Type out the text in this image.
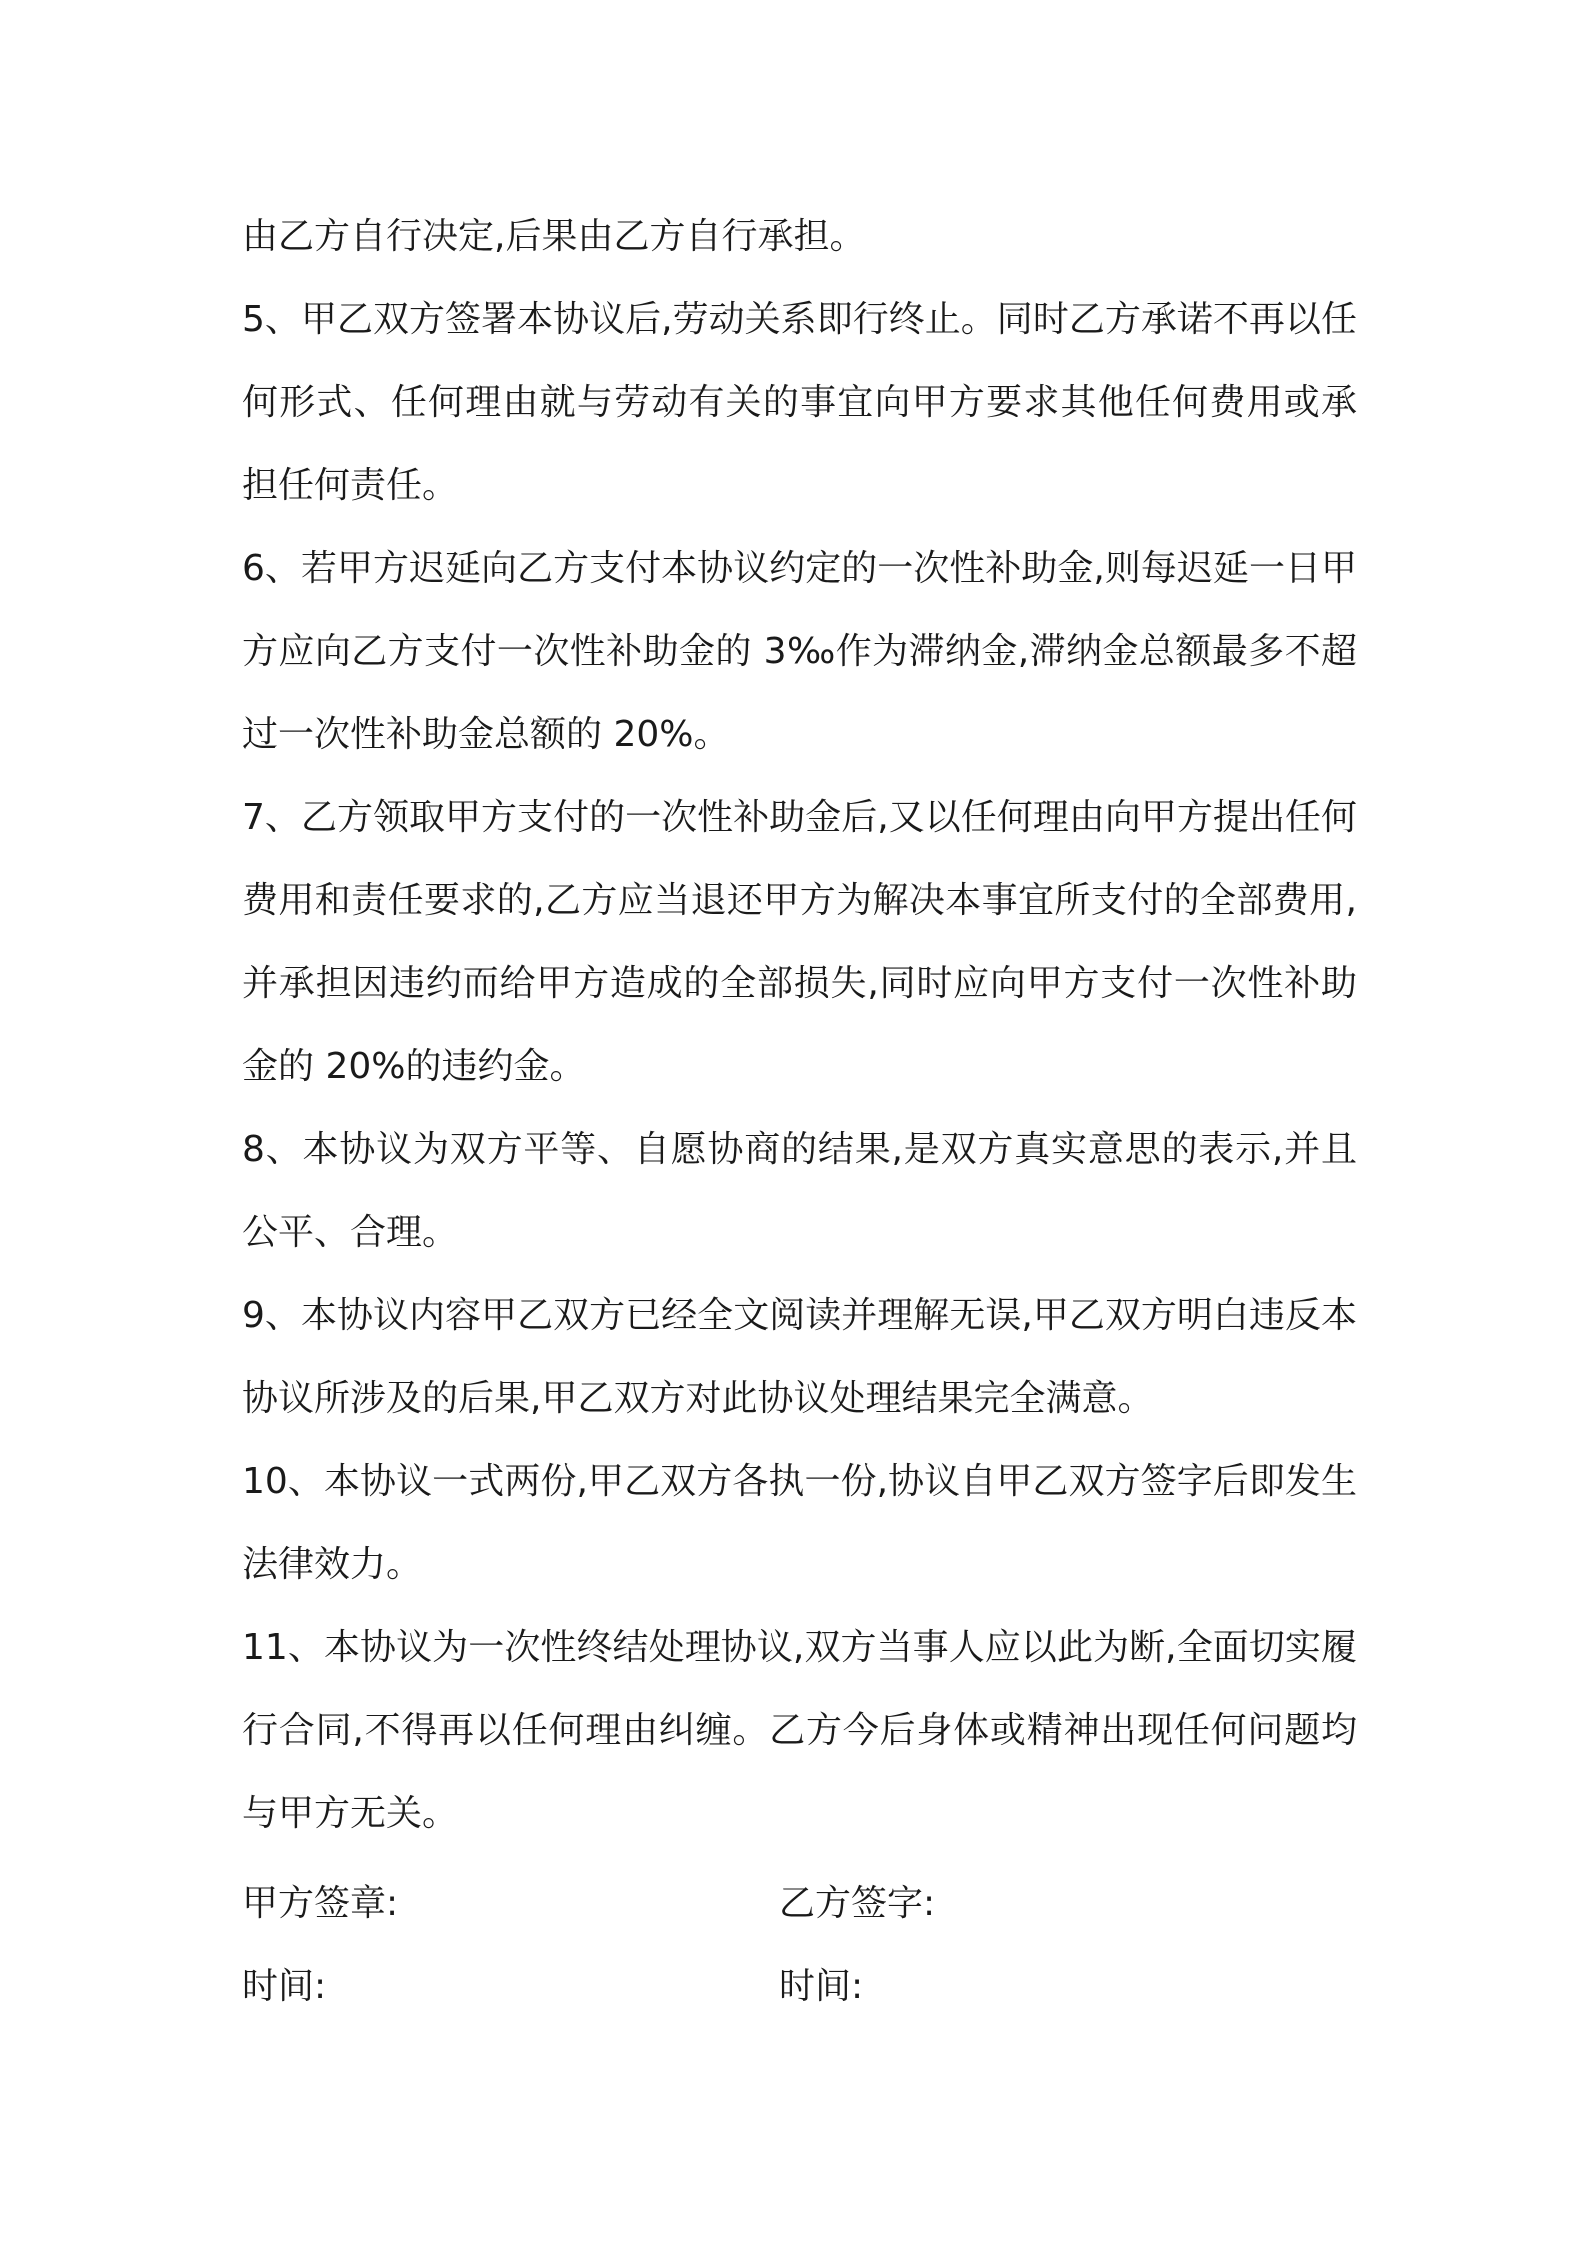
由乙方自行决定,后果由乙方自行承担。

5、甲乙双方签署本协议后,劳动关系即行终止。同时乙方承诺不再以任何形式、任何理由就与劳动有关的事宜向甲方要求其他任何费用或承担任何责任。

6、若甲方迟延向乙方支付本协议约定的一次性补助金,则每迟延一日甲方应向乙方支付一次性补助金的 3‰作为滞纳金,滞纳金总额最多不超过一次性补助金总额的 20%。

7、乙方领取甲方支付的一次性补助金后,又以任何理由向甲方提出任何费用和责任要求的,乙方应当退还甲方为解决本事宜所支付的全部费用,并承担因违约而给甲方造成的全部损失,同时应向甲方支付一次性补助金的 20%的违约金。

8、本协议为双方平等、自愿协商的结果,是双方真实意思的表示,并且公平、合理。

9、本协议内容甲乙双方已经全文阅读并理解无误,甲乙双方明白违反本协议所涉及的后果,甲乙双方对此协议处理结果完全满意。

10、本协议一式两份,甲乙双方各执一份,协议自甲乙双方签字后即发生法律效力。

11、本协议为一次性终结处理协议,双方当事人应以此为断,全面切实履行合同,不得再以任何理由纠缠。乙方今后身体或精神出现任何问题均与甲方无关。

甲方签章:	乙方签字:
时间:	时间:
